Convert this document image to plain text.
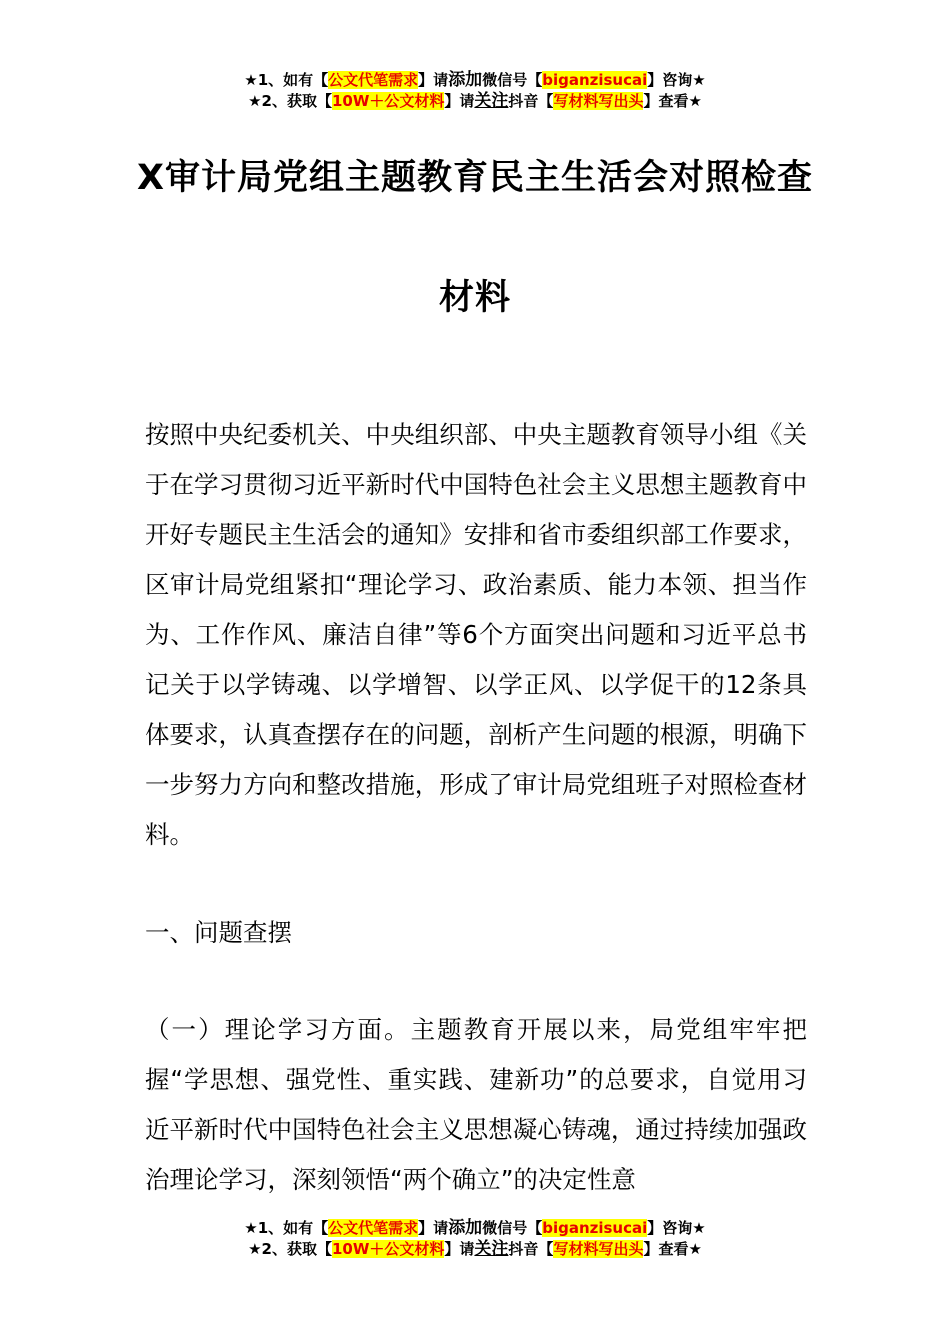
★1、如有【公文代笔需求】请添加微信号【biganzisucai】咨询★
★2、获取【10W＋公文材料】请关注抖音【写材料写出头】查看★
X审计局党组主题教育民主生活会对照检查
材料
按照中央纪委机关、中央组织部、中央主题教育领导小组《关于在学习贯彻习近平新时代中国特色社会主义思想主题教育中开好专题民主生活会的通知》安排和省市委组织部工作要求，区审计局党组紧扣“理论学习、政治素质、能力本领、担当作为、工作作风、廉洁自律”等6个方面突出问题和习近平总书记关于以学铸魂、以学增智、以学正风、以学促干的12条具体要求，认真查摆存在的问题，剖析产生问题的根源，明确下一步努力方向和整改措施，形成了审计局党组班子对照检查材料。
一、问题查摆
（一）理论学习方面。主题教育开展以来，局党组牢牢把握“学思想、强党性、重实践、建新功”的总要求，自觉用习近平新时代中国特色社会主义思想凝心铸魂，通过持续加强政治理论学习，深刻领悟“两个确立”的决定性意
★1、如有【公文代笔需求】请添加微信号【biganzisucai】咨询★
★2、获取【10W＋公文材料】请关注抖音【写材料写出头】查看★
